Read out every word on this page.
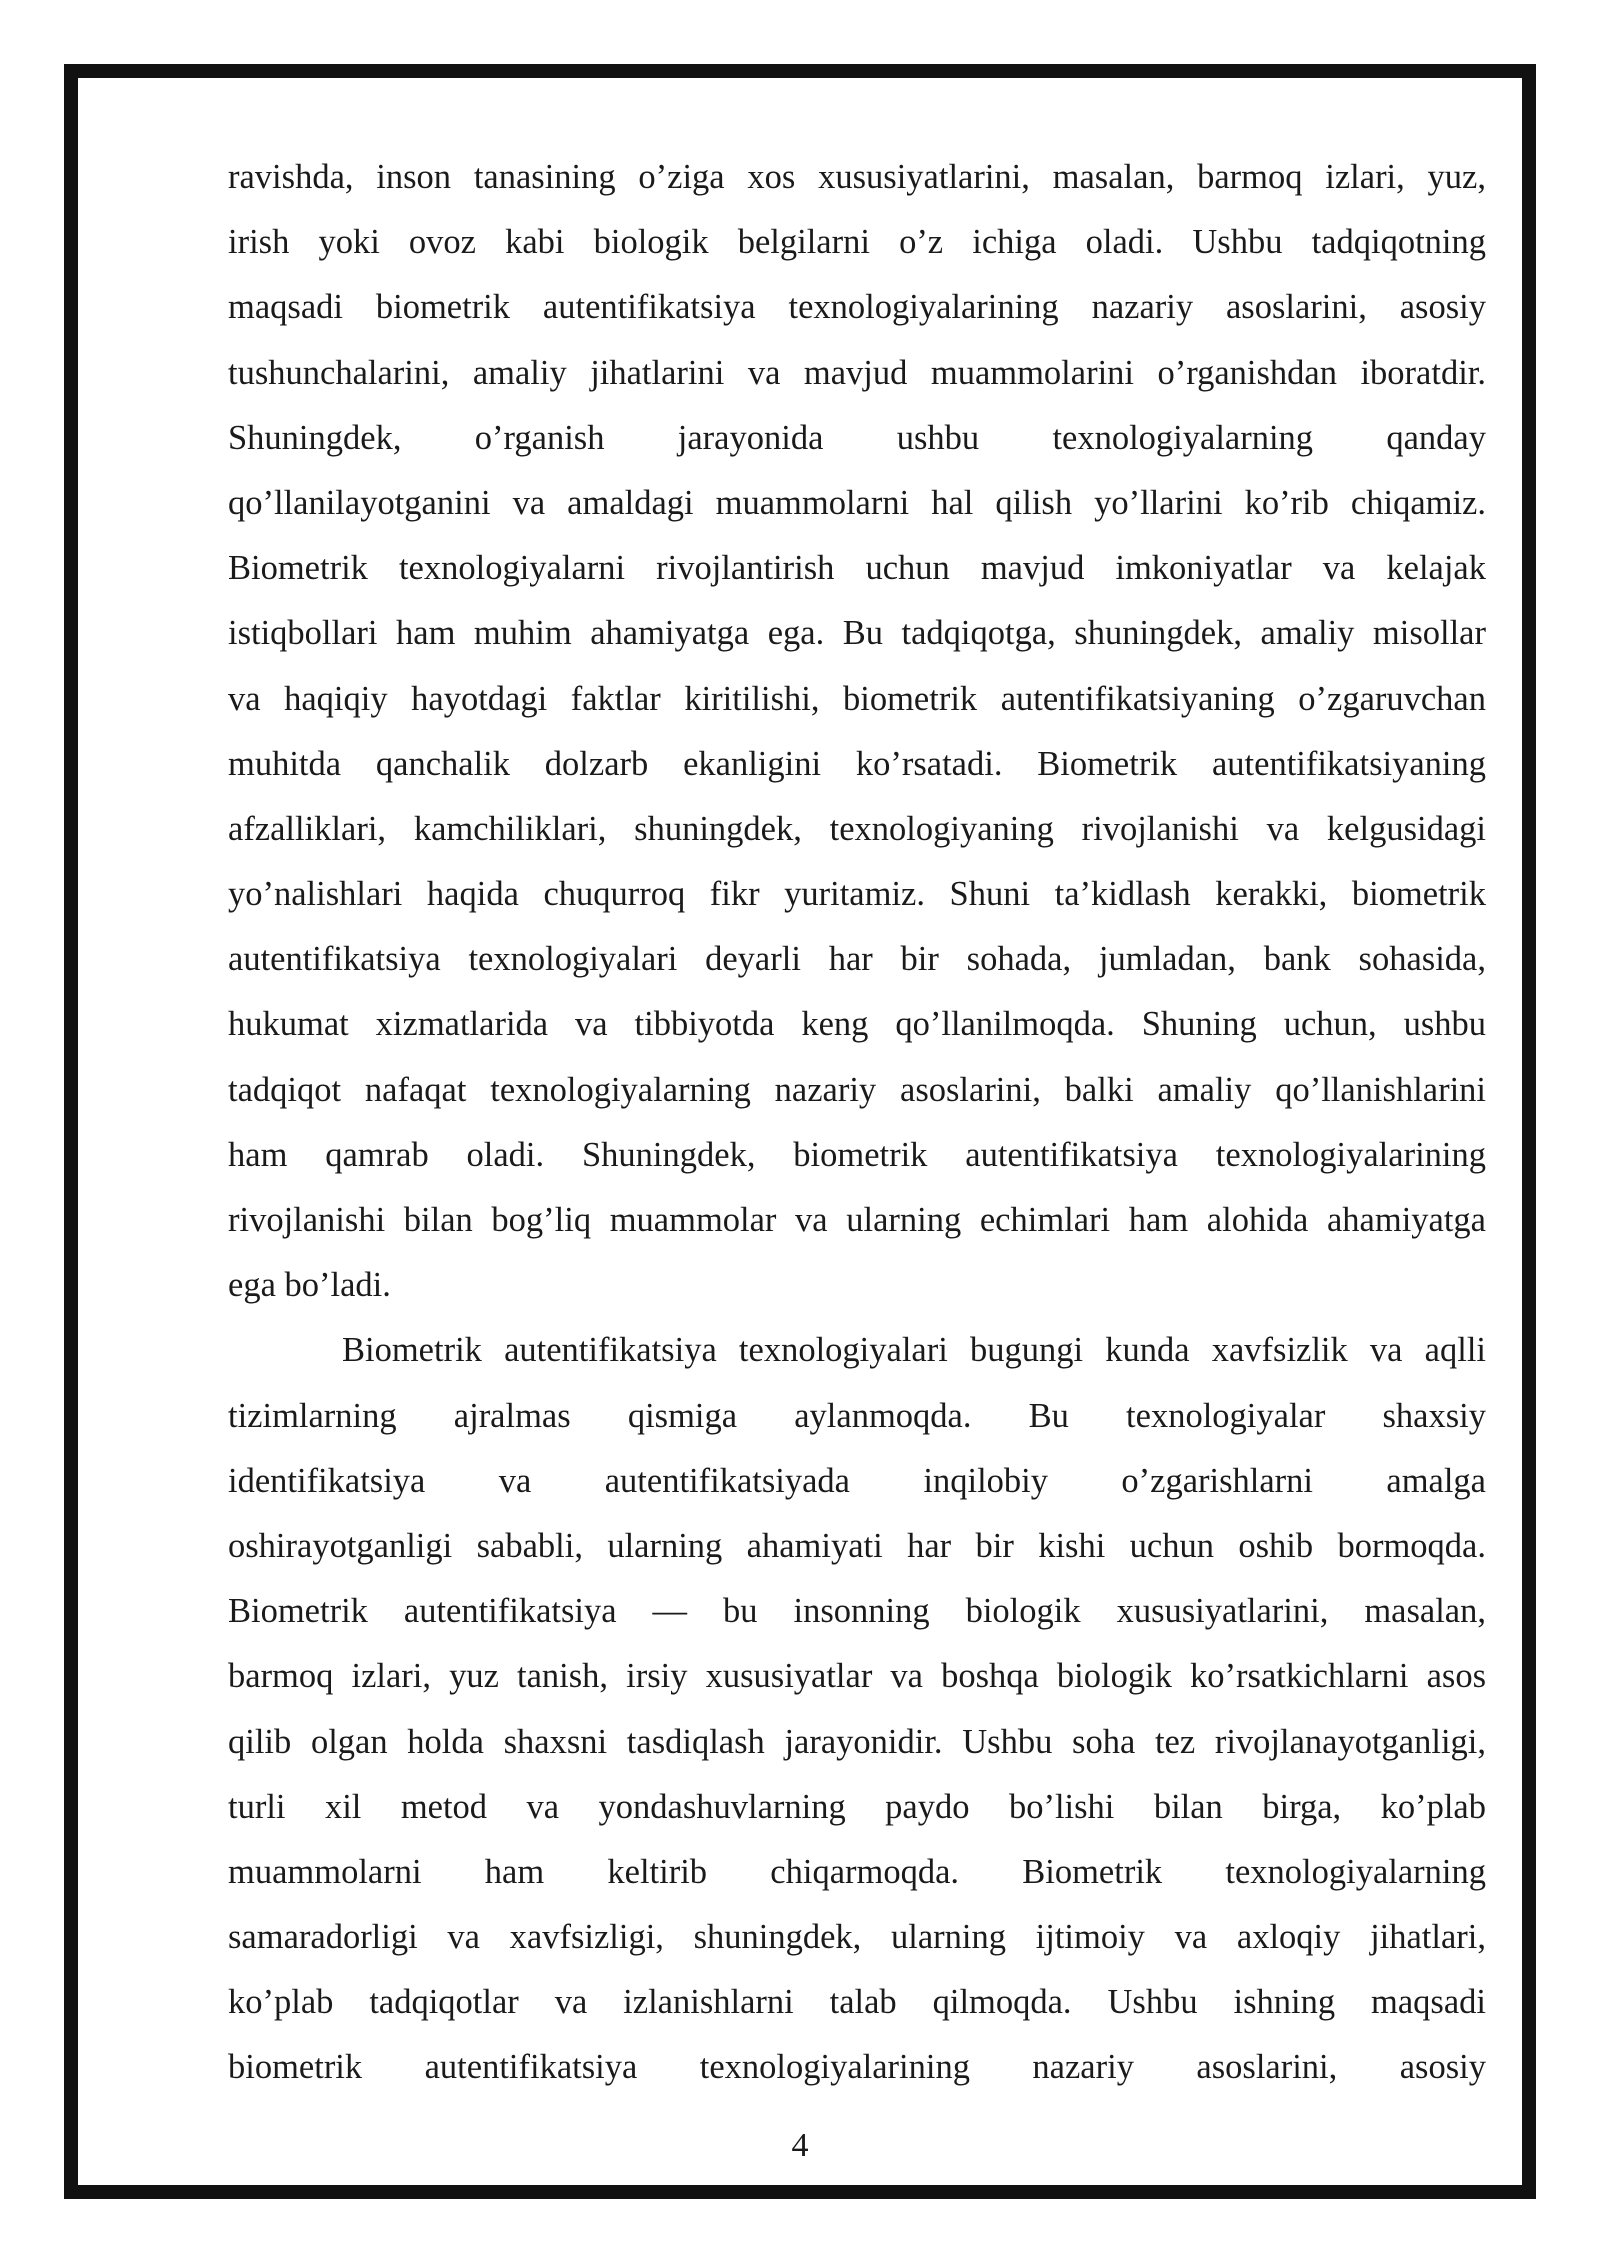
ravishda, inson tanasining o’ziga xos xususiyatlarini, masalan, barmoq izlari, yuz,
irish yoki ovoz kabi biologik belgilarni o’z ichiga oladi. Ushbu tadqiqotning
maqsadi biometrik autentifikatsiya texnologiyalarining nazariy asoslarini, asosiy
tushunchalarini, amaliy jihatlarini va mavjud muammolarini o’rganishdan iboratdir.
Shuningdek, o’rganish jarayonida ushbu texnologiyalarning qanday
qo’llanilayotganini va amaldagi muammolarni hal qilish yo’llarini ko’rib chiqamiz.
Biometrik texnologiyalarni rivojlantirish uchun mavjud imkoniyatlar va kelajak
istiqbollari ham muhim ahamiyatga ega. Bu tadqiqotga, shuningdek, amaliy misollar
va haqiqiy hayotdagi faktlar kiritilishi, biometrik autentifikatsiyaning o’zgaruvchan
muhitda qanchalik dolzarb ekanligini ko’rsatadi. Biometrik autentifikatsiyaning
afzalliklari, kamchiliklari, shuningdek, texnologiyaning rivojlanishi va kelgusidagi
yo’nalishlari haqida chuqurroq fikr yuritamiz. Shuni ta’kidlash kerakki, biometrik
autentifikatsiya texnologiyalari deyarli har bir sohada, jumladan, bank sohasida,
hukumat xizmatlarida va tibbiyotda keng qo’llanilmoqda. Shuning uchun, ushbu
tadqiqot nafaqat texnologiyalarning nazariy asoslarini, balki amaliy qo’llanishlarini
ham qamrab oladi. Shuningdek, biometrik autentifikatsiya texnologiyalarining
rivojlanishi bilan bog’liq muammolar va ularning echimlari ham alohida ahamiyatga
ega bo’ladi.
Biometrik autentifikatsiya texnologiyalari bugungi kunda xavfsizlik va aqlli
tizimlarning ajralmas qismiga aylanmoqda. Bu texnologiyalar shaxsiy
identifikatsiya va autentifikatsiyada inqilobiy o’zgarishlarni amalga
oshirayotganligi sababli, ularning ahamiyati har bir kishi uchun oshib bormoqda.
Biometrik autentifikatsiya — bu insonning biologik xususiyatlarini, masalan,
barmoq izlari, yuz tanish, irsiy xususiyatlar va boshqa biologik ko’rsatkichlarni asos
qilib olgan holda shaxsni tasdiqlash jarayonidir. Ushbu soha tez rivojlanayotganligi,
turli xil metod va yondashuvlarning paydo bo’lishi bilan birga, ko’plab
muammolarni ham keltirib chiqarmoqda. Biometrik texnologiyalarning
samaradorligi va xavfsizligi, shuningdek, ularning ijtimoiy va axloqiy jihatlari,
ko’plab tadqiqotlar va izlanishlarni talab qilmoqda. Ushbu ishning maqsadi
biometrik autentifikatsiya texnologiyalarining nazariy asoslarini, asosiy
4
